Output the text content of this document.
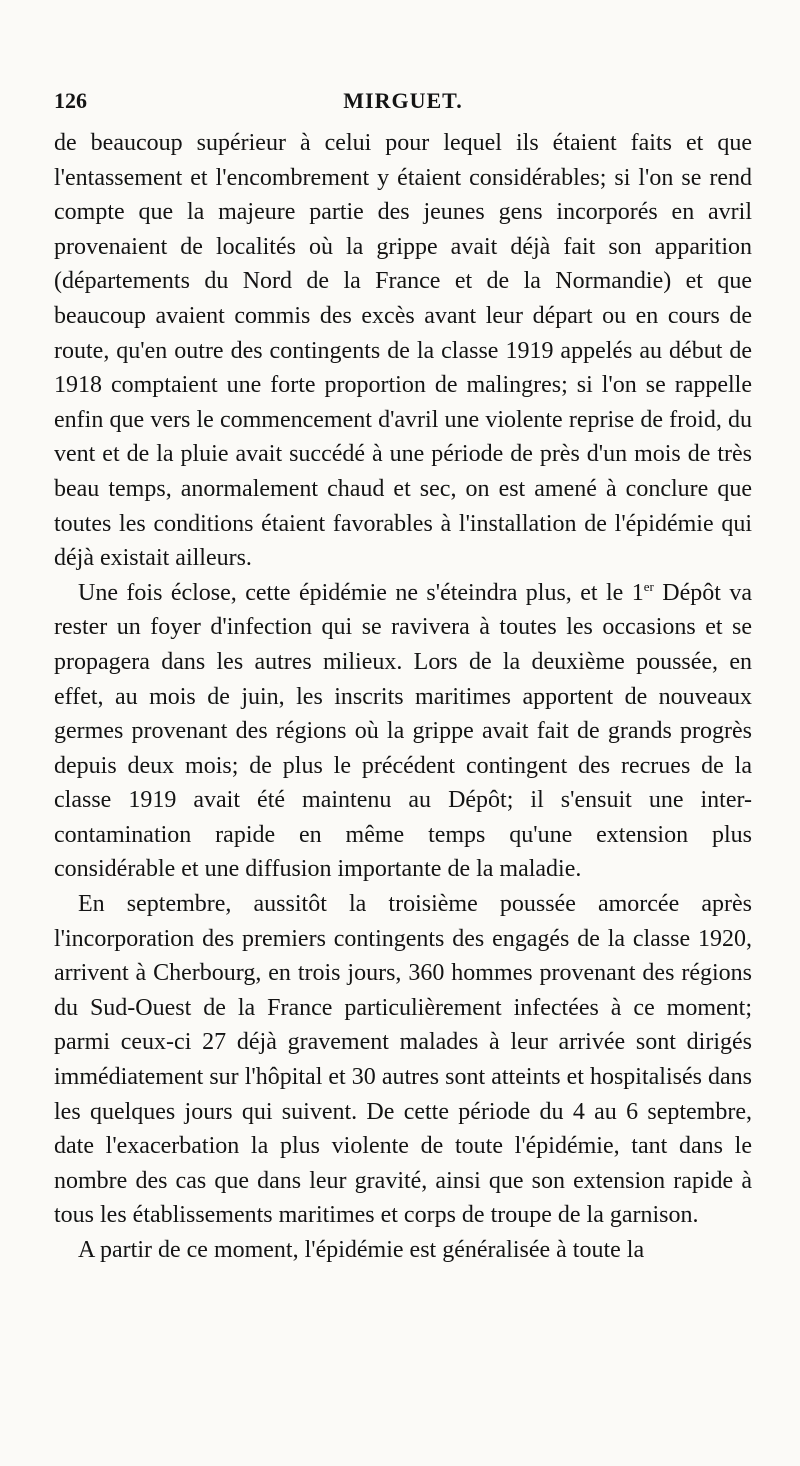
126	MIRGUET.

de beaucoup supérieur à celui pour lequel ils étaient faits et que l'entassement et l'encombrement y étaient considérables; si l'on se rend compte que la majeure partie des jeunes gens incorporés en avril provenaient de localités où la grippe avait déjà fait son apparition (départements du Nord de la France et de la Normandie) et que beaucoup avaient commis des excès avant leur départ ou en cours de route, qu'en outre des contingents de la classe 1919 appelés au début de 1918 comptaient une forte proportion de malingres; si l'on se rappelle enfin que vers le commencement d'avril une violente reprise de froid, du vent et de la pluie avait succédé à une période de près d'un mois de très beau temps, anormalement chaud et sec, on est amené à conclure que toutes les conditions étaient favorables à l'installation de l'épidémie qui déjà existait ailleurs.

Une fois éclose, cette épidémie ne s'éteindra plus, et le 1er Dépôt va rester un foyer d'infection qui se ravivera à toutes les occasions et se propagera dans les autres milieux. Lors de la deuxième poussée, en effet, au mois de juin, les inscrits maritimes apportent de nouveaux germes provenant des régions où la grippe avait fait de grands progrès depuis deux mois; de plus le précédent contingent des recrues de la classe 1919 avait été maintenu au Dépôt; il s'ensuit une inter-contamination rapide en même temps qu'une extension plus considérable et une diffusion importante de la maladie.

En septembre, aussitôt la troisième poussée amorcée après l'incorporation des premiers contingents des engagés de la classe 1920, arrivent à Cherbourg, en trois jours, 360 hommes provenant des régions du Sud-Ouest de la France particulièrement infectées à ce moment; parmi ceux-ci 27 déjà gravement malades à leur arrivée sont dirigés immédiatement sur l'hôpital et 30 autres sont atteints et hospitalisés dans les quelques jours qui suivent. De cette période du 4 au 6 septembre, date l'exacerbation la plus violente de toute l'épidémie, tant dans le nombre des cas que dans leur gravité, ainsi que son extension rapide à tous les établissements maritimes et corps de troupe de la garnison.

A partir de ce moment, l'épidémie est généralisée à toute la
